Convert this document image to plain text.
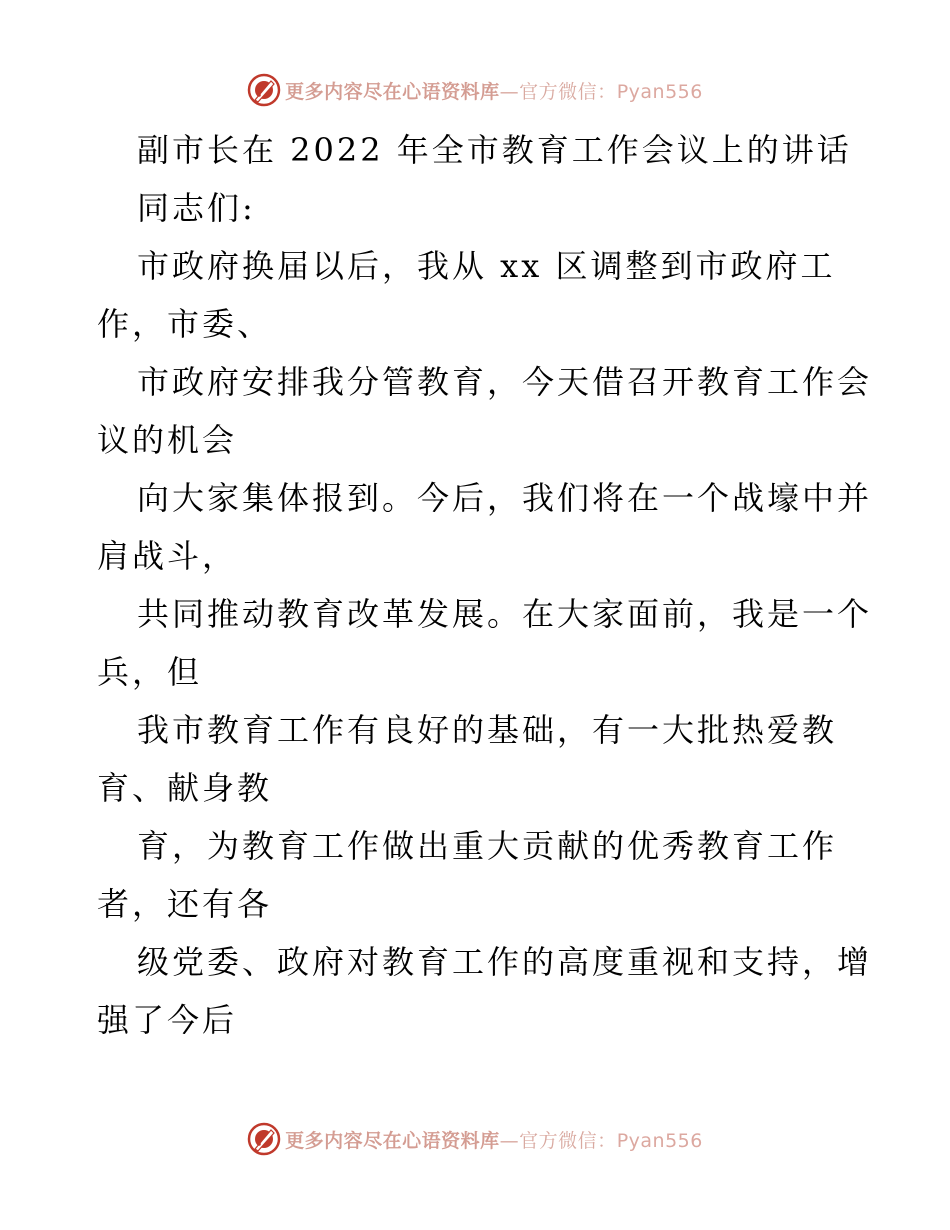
更多内容尽在心语资料库—官方微信：Pyan556
副市长在 2022 年全市教育工作会议上的讲话
同志们:
市政府换届以后，我从 xx 区调整到市政府工
作，市委、
市政府安排我分管教育，今天借召开教育工作会
议的机会
向大家集体报到。今后，我们将在一个战壕中并
肩战斗，
共同推动教育改革发展。在大家面前，我是一个
兵，但
我市教育工作有良好的基础，有一大批热爱教
育、献身教
育，为教育工作做出重大贡献的优秀教育工作
者，还有各
级党委、政府对教育工作的高度重视和支持，增
强了今后
更多内容尽在心语资料库—官方微信：Pyan556
